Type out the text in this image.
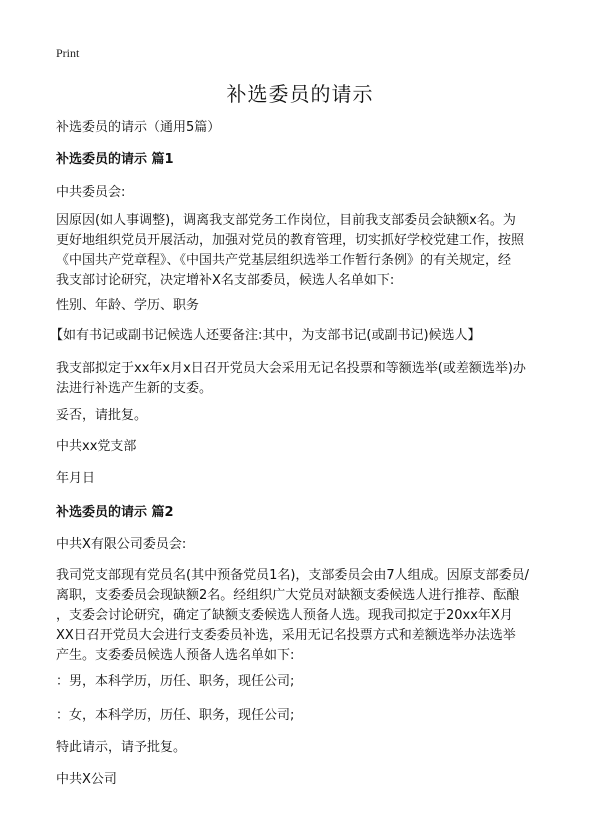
Print
补选委员的请示

补选委员的请示（通用5篇）

补选委员的请示 篇1

中共委员会:

因原因(如人事调整)，调离我支部党务工作岗位，目前我支部委员会缺额x名。为
更好地组织党员开展活动，加强对党员的教育管理，切实抓好学校党建工作，按照
《中国共产党章程》、《中国共产党基层组织选举工作暂行条例》的有关规定，经
我支部讨论研究，决定增补X名支部委员，候选人名单如下:

性别、年龄、学历、职务

【如有书记或副书记候选人还要备注:其中，为支部书记(或副书记)候选人】

我支部拟定于xx年x月x日召开党员大会采用无记名投票和等额选举(或差额选举)办
法进行补选产生新的支委。

妥否，请批复。

中共xx党支部

年月日

补选委员的请示 篇2

中共X有限公司委员会:

我司党支部现有党员名(其中预备党员1名)，支部委员会由7人组成。因原支部委员/
离职，支委委员会现缺额2名。经组织广大党员对缺额支委候选人进行推荐、酝酿
，支委会讨论研究，确定了缺额支委候选人预备人选。现我司拟定于20xx年X月
XX日召开党员大会进行支委委员补选，采用无记名投票方式和差额选举办法选举
产生。支委委员候选人预备人选名单如下:

：男，本科学历，历任、职务，现任公司;

：女，本科学历，历任、职务，现任公司;

特此请示，请予批复。

中共X公司
